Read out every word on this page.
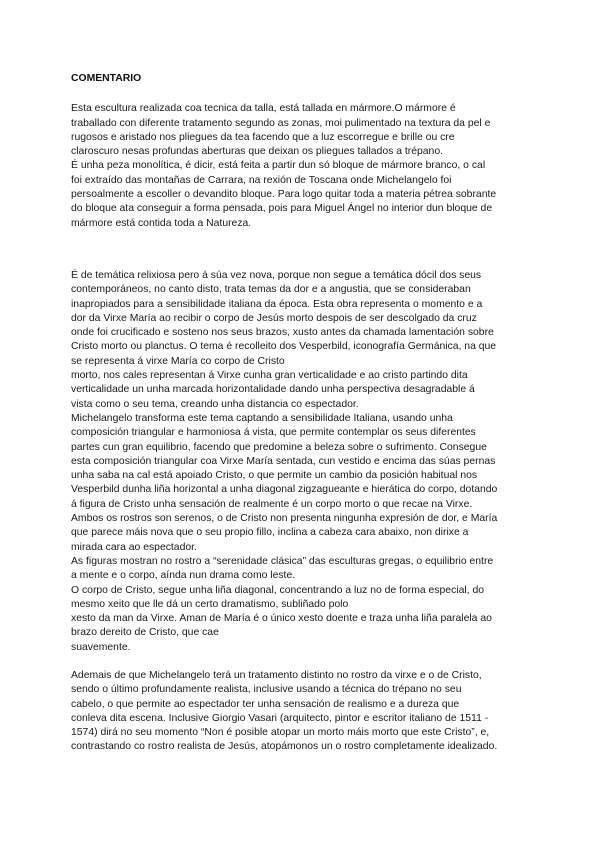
COMENTARIO
Esta escultura realizada coa tecnica da talla, está tallada en mármore.O mármore é
traballado con diferente tratamento segundo as zonas, moi pulimentado na textura da pel e
rugosos e aristado nos pliegues da tea facendo que a luz escorregue e brille ou cre
claroscuro nesas profundas aberturas que deixan os pliegues tallados a trépano.
É unha peza monolítica, é dicir, está feita a partir dun só bloque de mármore branco, o cal
foi extraído das montañas de Carrara, na rexión de Toscana onde Michelangelo foi
persoalmente a escoller o devandito bloque. Para logo quitar toda a materia pétrea sobrante
do bloque ata conseguir a forma pensada, pois para Miguel Ángel no interior dun bloque de
mármore está contida toda a Natureza.
É de temática relixiosa pero á súa vez nova, porque non segue a temática dócil dos seus
contemporáneos, no canto disto, trata temas da dor e a angustia, que se consideraban
inapropiados para a sensibilidade italiana da época. Esta obra representa o momento e a
dor da Virxe María ao recibir o corpo de Jesús morto despois de ser descolgado da cruz
onde foi crucificado e sosteno nos seus brazos, xusto antes da chamada lamentación sobre
Cristo morto ou planctus. O tema é recolleito dos Vesperbild, iconografía Germánica, na que
se representa á virxe María co corpo de Cristo
morto, nos cales representan á Virxe cunha gran verticalidade e ao cristo partindo dita
verticalidade un unha marcada horizontalidade dando unha perspectiva desagradable á
vista como o seu tema, creando unha distancia co espectador.
Michelangelo transforma este tema captando a sensibilidade Italiana, usando unha
composición triangular e harmoniosa á vista, que permite contemplar os seus diferentes
partes cun gran equilibrio, facendo que predomine a beleza sobre o sufrimento. Consegue
esta composición triangular coa Virxe María sentada, cun vestido e encima das súas pernas
unha saba na cal está apoiado Cristo, o que permite un cambio da posición habitual nos
Vesperbild dunha liña horizontal a unha diagonal zigzagueante e hierática do corpo, dotando
á figura de Cristo unha sensación de realmente é un corpo morto o que recae na Virxe.
Ambos os rostros son serenos, o de Cristo non presenta ningunha expresión de dor, e María
que parece máis nova que o seu propio fillo, inclina a cabeza cara abaixo, non dirixe a
mirada cara ao espectador.
As figuras mostran no rostro a “serenidade clásica” das esculturas gregas, o equilibrio entre
a mente e o corpo, aínda nun drama como leste.
O corpo de Cristo, segue unha liña diagonal, concentrando a luz no de forma especial, do
mesmo xeito que lle dá un certo dramatismo, subliñado polo
xesto da man da Virxe. Aman de María é o único xesto doente e traza unha liña paralela ao
brazo dereito de Cristo, que cae
suavemente.
Ademais de que Michelangelo terá un tratamento distinto no rostro da virxe e o de Cristo,
sendo o último profundamente realista, inclusive usando a técnica do trépano no seu
cabelo, o que permite ao espectador ter unha sensación de realismo e a dureza que
conleva dita escena. Inclusive Giorgio Vasari (arquitecto, pintor e escritor italiano de 1511 -
1574) dirá no seu momento “Non é posible atopar un morto máis morto que este Cristo”, e,
contrastando co rostro realista de Jesús, atopámonos un o rostro completamente idealizado.
